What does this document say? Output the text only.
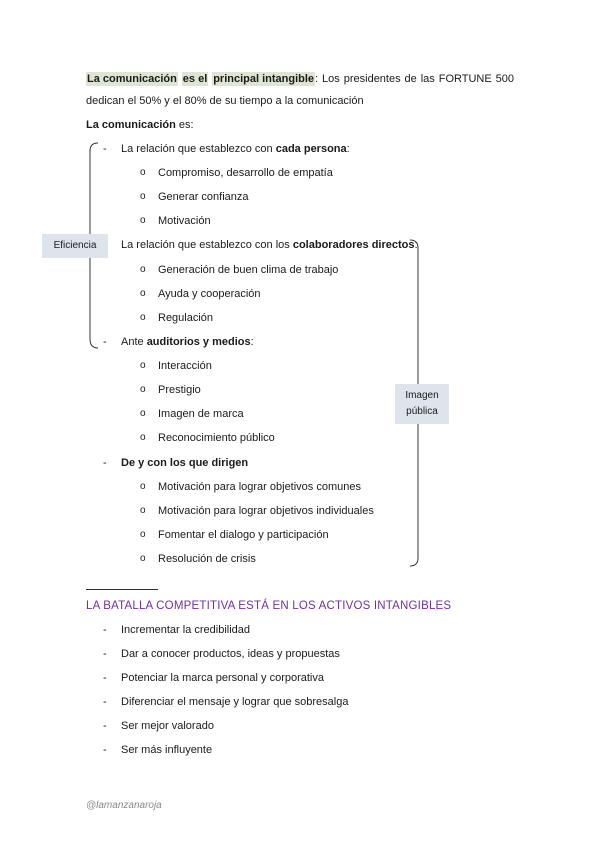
La comunicación es el principal intangible: Los presidentes de las FORTUNE 500
dedican el 50% y el 80% de su tiempo a la comunicación
La comunicación es:
- La relación que establezco con cada persona:
o Compromiso, desarrollo de empatía
o Generar confianza
o Motivación
Eficiencia La relación que establezco con los colaboradores directos:
o Generación de buen clima de trabajo
o Ayuda y cooperación
o Regulación
- Ante auditorios y medios:
o Interacción
o Prestigio
o Imagen de marca
o Reconocimiento público
Imagen
pública
- De y con los que dirigen
o Motivación para lograr objetivos comunes
o Motivación para lograr objetivos individuales
o Fomentar el dialogo y participación
o Resolución de crisis
LA BATALLA COMPETITIVA ESTÁ EN LOS ACTIVOS INTANGIBLES
- Incrementar la credibilidad
- Dar a conocer productos, ideas y propuestas
- Potenciar la marca personal y corporativa
- Diferenciar el mensaje y lograr que sobresalga
- Ser mejor valorado
- Ser más influyente
@lamanzanaroja
